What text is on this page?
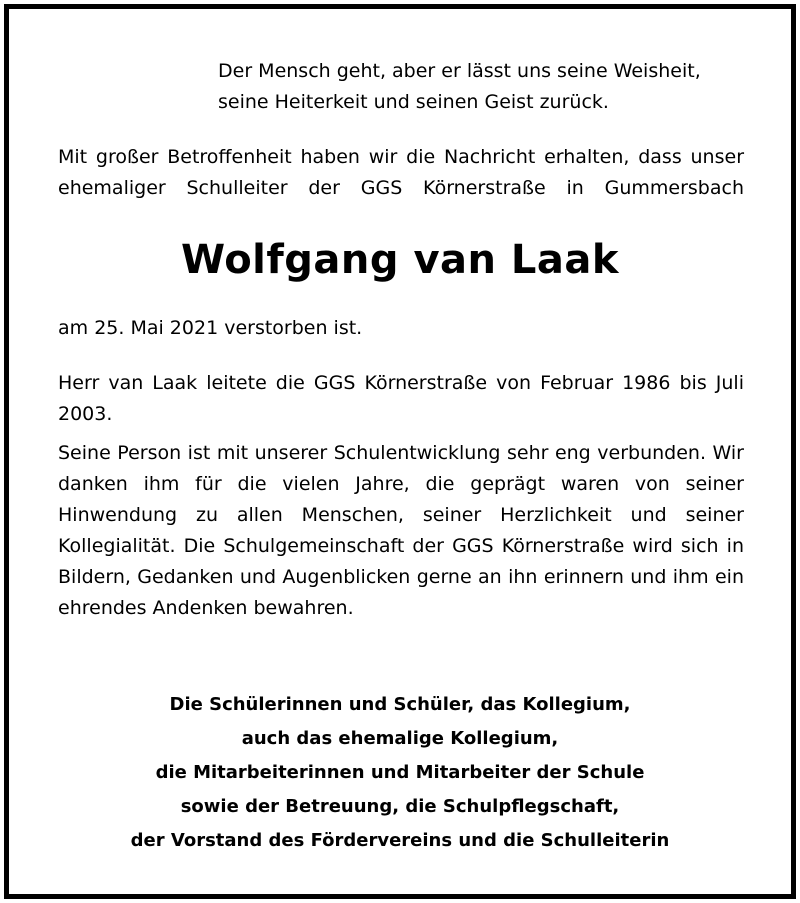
Der Mensch geht, aber er lässt uns seine Weisheit,
seine Heiterkeit und seinen Geist zurück.
Mit großer Betroffenheit haben wir die Nachricht erhalten, dass unser ehemaliger Schulleiter der GGS Körnerstraße in Gummersbach
Wolfgang van Laak
am 25. Mai 2021 verstorben ist.
Herr van Laak leitete die GGS Körnerstraße von Februar 1986 bis Juli 2003.
Seine Person ist mit unserer Schulentwicklung sehr eng verbunden. Wir danken ihm für die vielen Jahre, die geprägt waren von seiner Hinwendung zu allen Menschen, seiner Herzlichkeit und seiner Kollegialität. Die Schulgemeinschaft der GGS Körnerstraße wird sich in Bildern, Gedanken und Augenblicken gerne an ihn erinnern und ihm ein ehrendes Andenken bewahren.
Die Schülerinnen und Schüler, das Kollegium,
auch das ehemalige Kollegium,
die Mitarbeiterinnen und Mitarbeiter der Schule
sowie der Betreuung, die Schulpflegschaft,
der Vorstand des Fördervereins und die Schulleiterin
